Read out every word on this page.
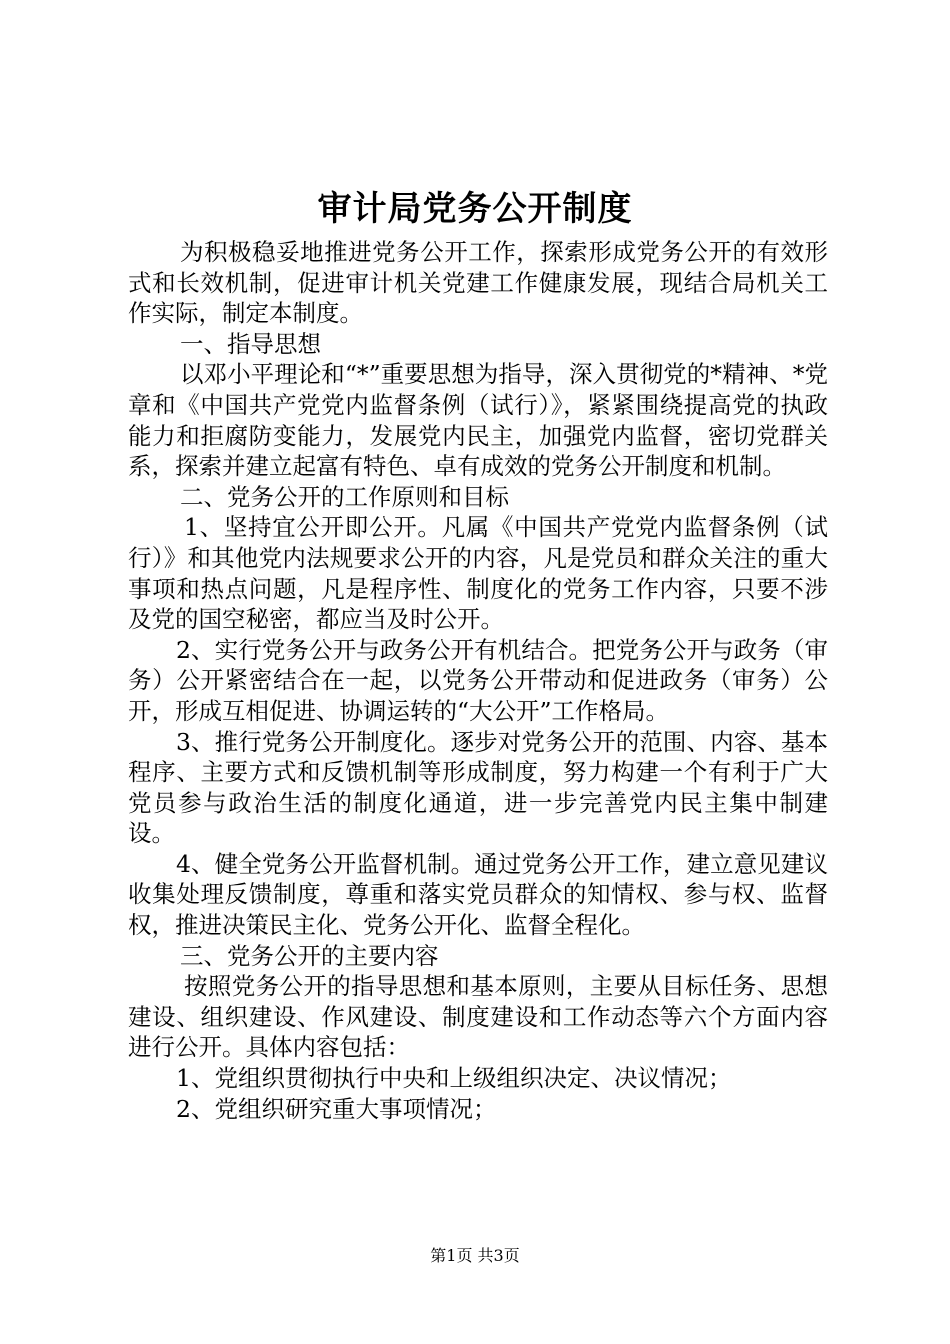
审计局党务公开制度

为积极稳妥地推进党务公开工作，探索形成党务公开的有效形式和长效机制，促进审计机关党建工作健康发展，现结合局机关工作实际，制定本制度。

一、指导思想

以邓小平理论和“*”重要思想为指导，深入贯彻党的*精神、*党章和《中国共产党党内监督条例（试行）》，紧紧围绕提高党的执政能力和拒腐防变能力，发展党内民主，加强党内监督，密切党群关系，探索并建立起富有特色、卓有成效的党务公开制度和机制。

二、党务公开的工作原则和目标

1、坚持宜公开即公开。凡属《中国共产党党内监督条例（试行）》和其他党内法规要求公开的内容，凡是党员和群众关注的重大事项和热点问题，凡是程序性、制度化的党务工作内容，只要不涉及党的国空秘密，都应当及时公开。

2、实行党务公开与政务公开有机结合。把党务公开与政务（审务）公开紧密结合在一起，以党务公开带动和促进政务（审务）公开，形成互相促进、协调运转的“大公开”工作格局。

3、推行党务公开制度化。逐步对党务公开的范围、内容、基本程序、主要方式和反馈机制等形成制度，努力构建一个有利于广大党员参与政治生活的制度化通道，进一步完善党内民主集中制建设。

4、健全党务公开监督机制。通过党务公开工作，建立意见建议收集处理反馈制度，尊重和落实党员群众的知情权、参与权、监督权，推进决策民主化、党务公开化、监督全程化。

三、党务公开的主要内容

按照党务公开的指导思想和基本原则，主要从目标任务、思想建设、组织建设、作风建设、制度建设和工作动态等六个方面内容进行公开。具体内容包括：

1、党组织贯彻执行中央和上级组织决定、决议情况；

2、党组织研究重大事项情况；

第1页 共3页
